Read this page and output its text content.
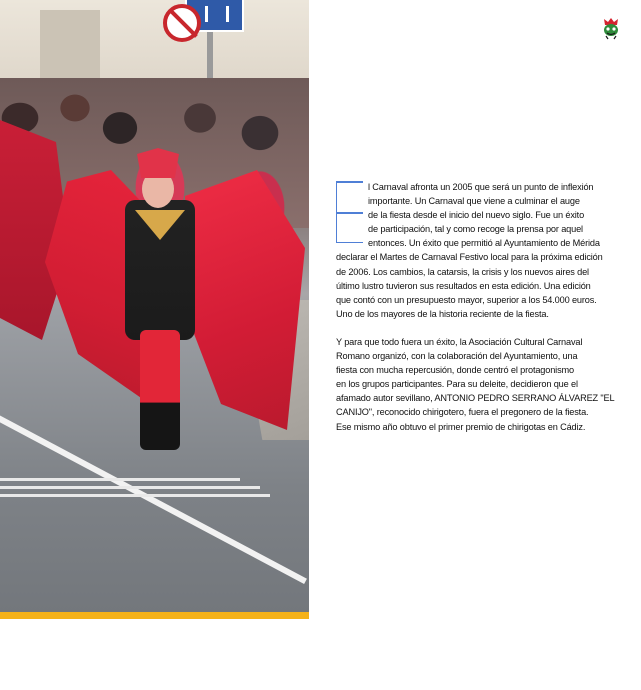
l Carnaval afronta un 2005 que será un punto de inflexión
importante. Un Carnaval que viene a culminar el auge
de la fiesta desde el inicio del nuevo siglo. Fue un éxito
de participación, tal y como recoge la prensa por aquel
entonces. Un éxito que permitió al Ayuntamiento de Mérida
declarar el Martes de Carnaval Festivo local para la próxima edición
de 2006. Los cambios, la catarsis, la crisis y los nuevos aires del
último lustro tuvieron sus resultados en esta edición. Una edición
que contó con un presupuesto mayor, superior a los 54.000 euros.
Uno de los mayores de la historia reciente de la fiesta.
Y para que todo fuera un éxito, la Asociación Cultural Carnaval
Romano organizó, con la colaboración del Ayuntamiento, una
fiesta con mucha repercusión, donde centró el protagonismo
en los grupos participantes. Para su deleite, decidieron que el
afamado autor sevillano, ANTONIO PEDRO SERRANO ÁLVAREZ "EL
CANIJO", reconocido chirigotero, fuera el pregonero de la fiesta.
Ese mismo año obtuvo el primer premio de chirigotas en Cádiz.
